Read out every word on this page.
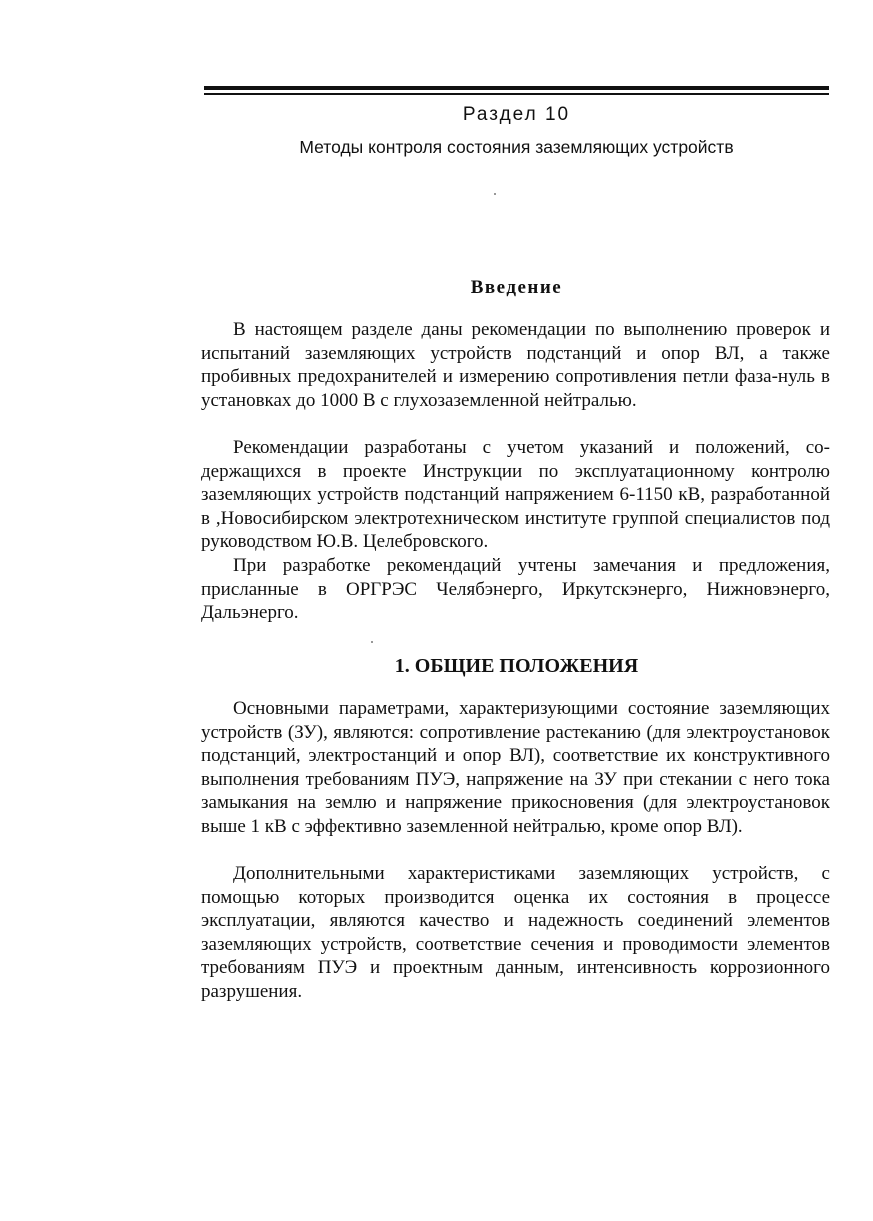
Раздел 10
Методы контроля состояния заземляющих устройств
Введение

В настоящем разделе даны рекомендации по выполнению проверок и испытаний заземляющих устройств подстанций и опор ВЛ, а также пробивных предохранителей и измерению сопротивления петли фаза-нуль в установках до 1000 В с глухозаземленной нейтралью.

Рекомендации разработаны с учетом указаний и положений, содержащихся в проекте Инструкции по эксплуатационному контролю заземляющих устройств подстанций напряжением 6-1150 кВ, разработанной в ,Новосибирском электротехническом институте группой специалистов под руководством Ю.В. Целебровского.

При разработке рекомендаций учтены замечания и предложения, присланные в ОРГРЭС Челябэнерго, Иркутскэнерго, Нижновэнерго, Дальэнерго.

1. ОБЩИЕ ПОЛОЖЕНИЯ

Основными параметрами, характеризующими состояние заземляющих устройств (ЗУ), являются: сопротивление растеканию (для электроустановок подстанций, электростанций и опор ВЛ), соответствие их конструктивного выполнения требованиям ПУЭ, напряжение на ЗУ при стекании с него тока замыкания на землю и напряжение прикосновения (для электроустановок выше 1 кВ с эффективно заземленной нейтралью, кроме опор ВЛ).

Дополнительными характеристиками заземляющих устройств, с помощью которых производится оценка их состояния в процессе эксплуатации, являются качество и надежность соединений элементов заземляющих устройств, соответствие сечения и проводимости элементов требованиям ПУЭ и проектным данным, интенсивность коррозионного разрушения.
